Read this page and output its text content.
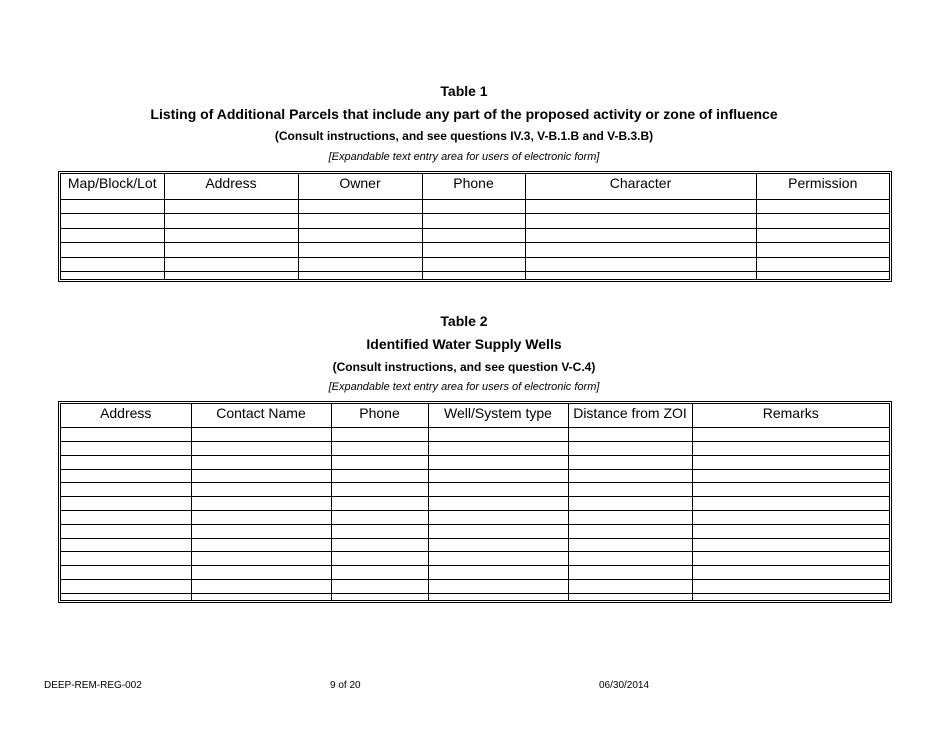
Table 1
Listing of Additional Parcels that include any part of the proposed activity or zone of influence
(Consult instructions, and see questions IV.3, V-B.1.B and V-B.3.B)
[Expandable text entry area for users of electronic form]
Map/Block/Lot	Address	Owner	Phone	Character	Permission

Table 2
Identified Water Supply Wells
(Consult instructions, and see question V-C.4)
[Expandable text entry area for users of electronic form]
Address	Contact Name	Phone	Well/System type	Distance from ZOI	Remarks

DEEP-REM-REG-002	9 of 20	06/30/2014
